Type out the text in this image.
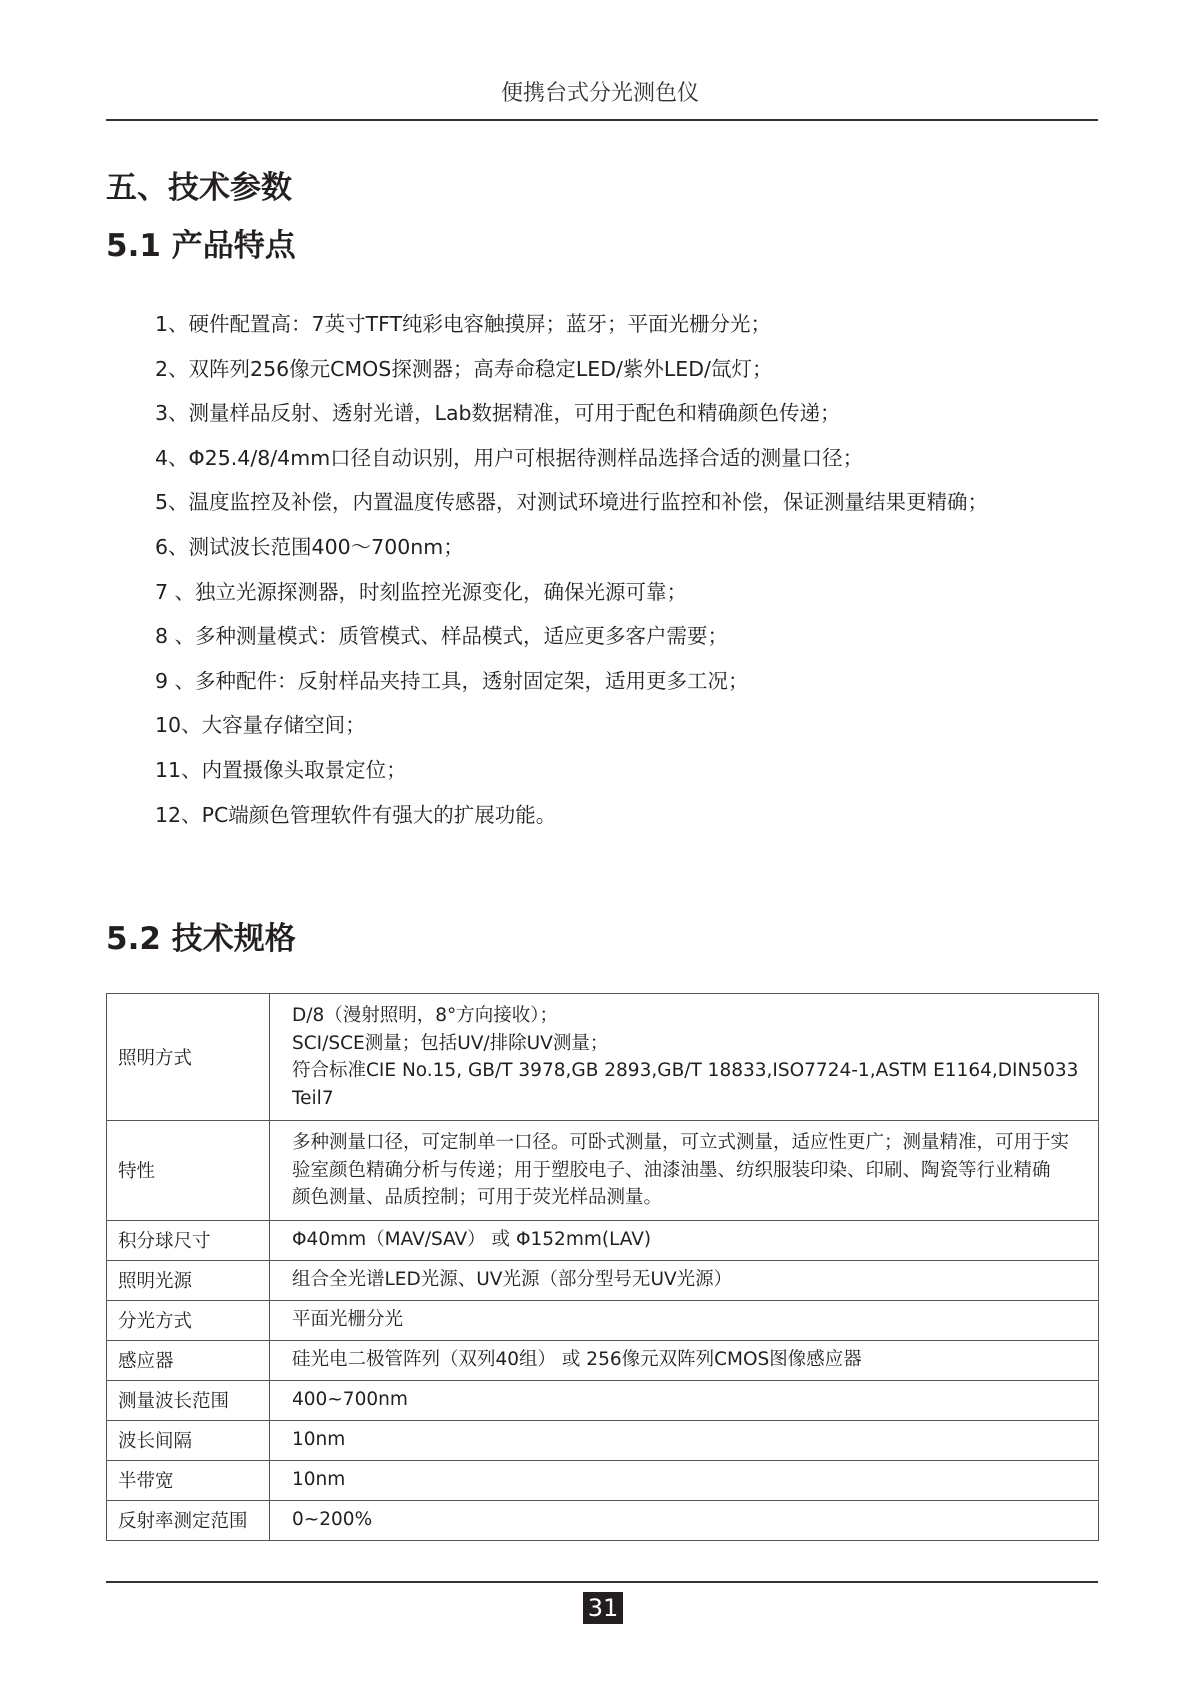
便携台式分光测色仪
五、技术参数
5.1 产品特点
1、硬件配置高：7英寸TFT纯彩电容触摸屏；蓝牙；平面光栅分光；
2、双阵列256像元CMOS探测器；高寿命稳定LED/紫外LED/氙灯；
3、测量样品反射、透射光谱，Lab数据精准，可用于配色和精确颜色传递；
4、Φ25.4/8/4mm口径自动识别，用户可根据待测样品选择合适的测量口径；
5、温度监控及补偿，内置温度传感器，对测试环境进行监控和补偿，保证测量结果更精确；
6、测试波长范围400～700nm；
7 、独立光源探测器，时刻监控光源变化，确保光源可靠；
8 、多种测量模式：质管模式、样品模式，适应更多客户需要；
9 、多种配件：反射样品夹持工具，透射固定架，适用更多工况；
10、大容量存储空间；
11、内置摄像头取景定位；
12、PC端颜色管理软件有强大的扩展功能。
5.2 技术规格
照明方式	D/8（漫射照明，8°方向接收）；
SCI/SCE测量；包括UV/排除UV测量；
符合标准CIE No.15, GB/T 3978,GB 2893,GB/T 18833,ISO7724-1,ASTM E1164,DIN5033 Teil7

特性	多种测量口径，可定制单一口径。可卧式测量，可立式测量，适应性更广；测量精准，可用于实
验室颜色精确分析与传递；用于塑胶电子、油漆油墨、纺织服装印染、印刷、陶瓷等行业精确
颜色测量、品质控制；可用于荧光样品测量。

积分球尺寸	Φ40mm（MAV/SAV） 或 Φ152mm(LAV)
照明光源	组合全光谱LED光源、UV光源（部分型号无UV光源）
分光方式	平面光栅分光
感应器	硅光电二极管阵列（双列40组） 或 256像元双阵列CMOS图像感应器
测量波长范围	400~700nm
波长间隔	10nm
半带宽	10nm
反射率测定范围	0~200%
31
